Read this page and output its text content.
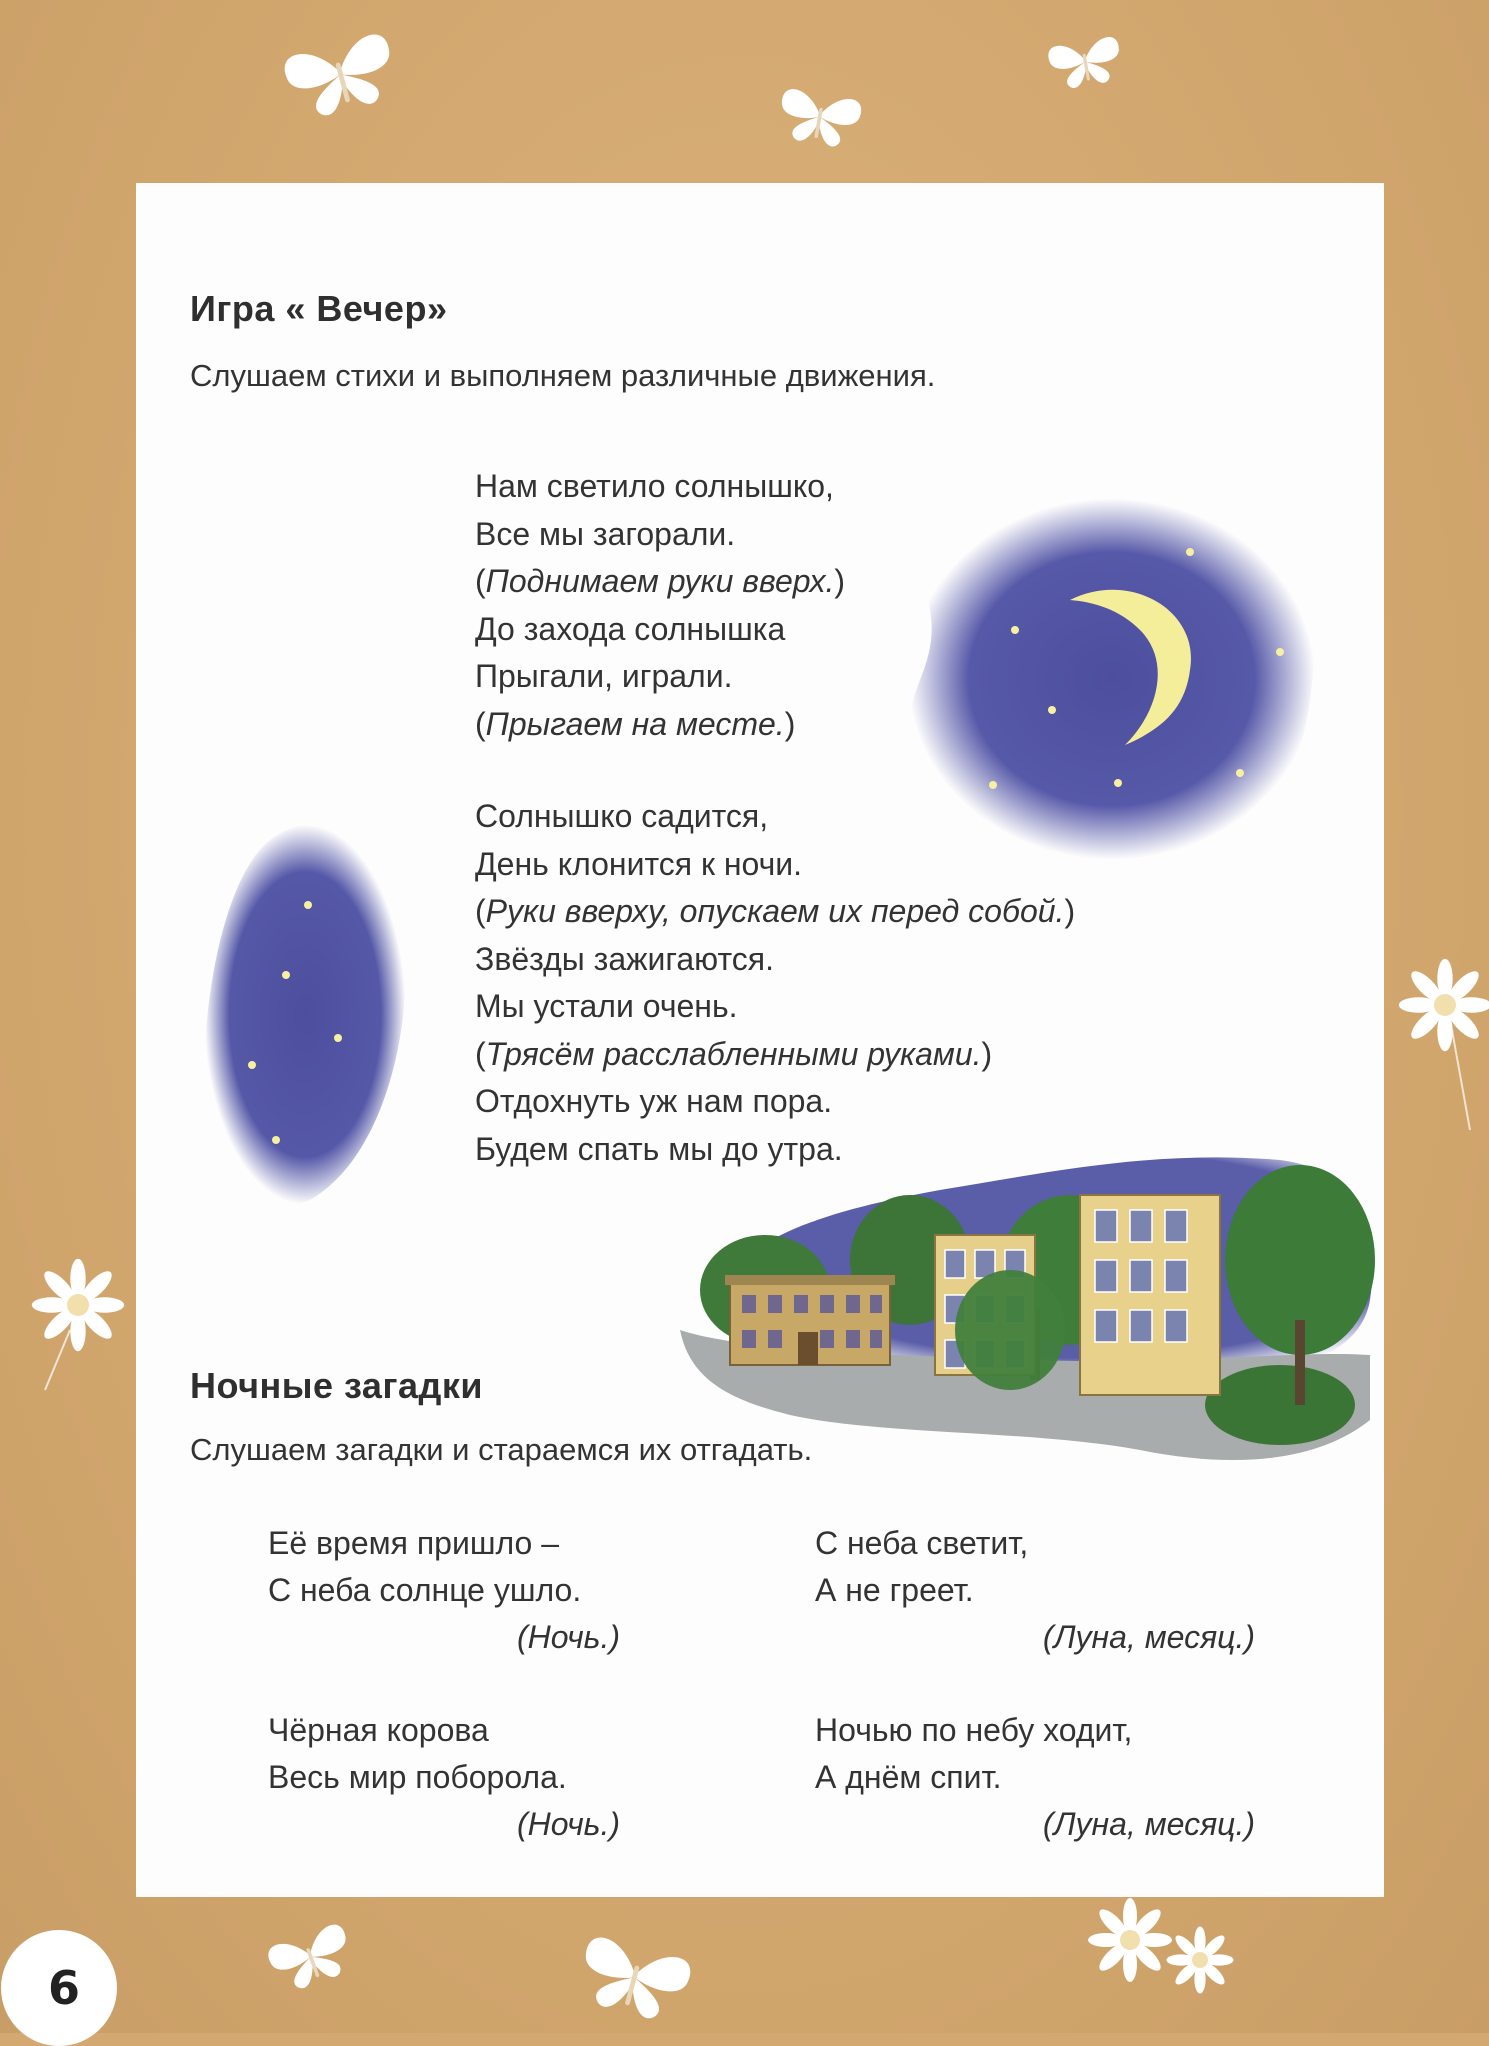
Игра « Вечер»
Слушаем стихи и выполняем различные движения.
Нам светило солнышко,
Все мы загорали.
(Поднимаем руки вверх.)
До захода солнышка
Прыгали, играли.
(Прыгаем на месте.)
Солнышко садится,
День клонится к ночи.
(Руки вверху, опускаем их перед собой.)
Звёзды зажигаются.
Мы устали очень.
(Трясём расслабленными руками.)
Отдохнуть уж нам пора.
Будем спать мы до утра.
Ночные загадки
Слушаем загадки и стараемся их отгадать.
Её время пришло –
С неба солнце ушло.
(Ночь.)
С неба светит,
А не греет.
(Луна, месяц.)
Чёрная корова
Весь мир поборола.
(Ночь.)
Ночью по небу ходит,
А днём спит.
(Луна, месяц.)
6
